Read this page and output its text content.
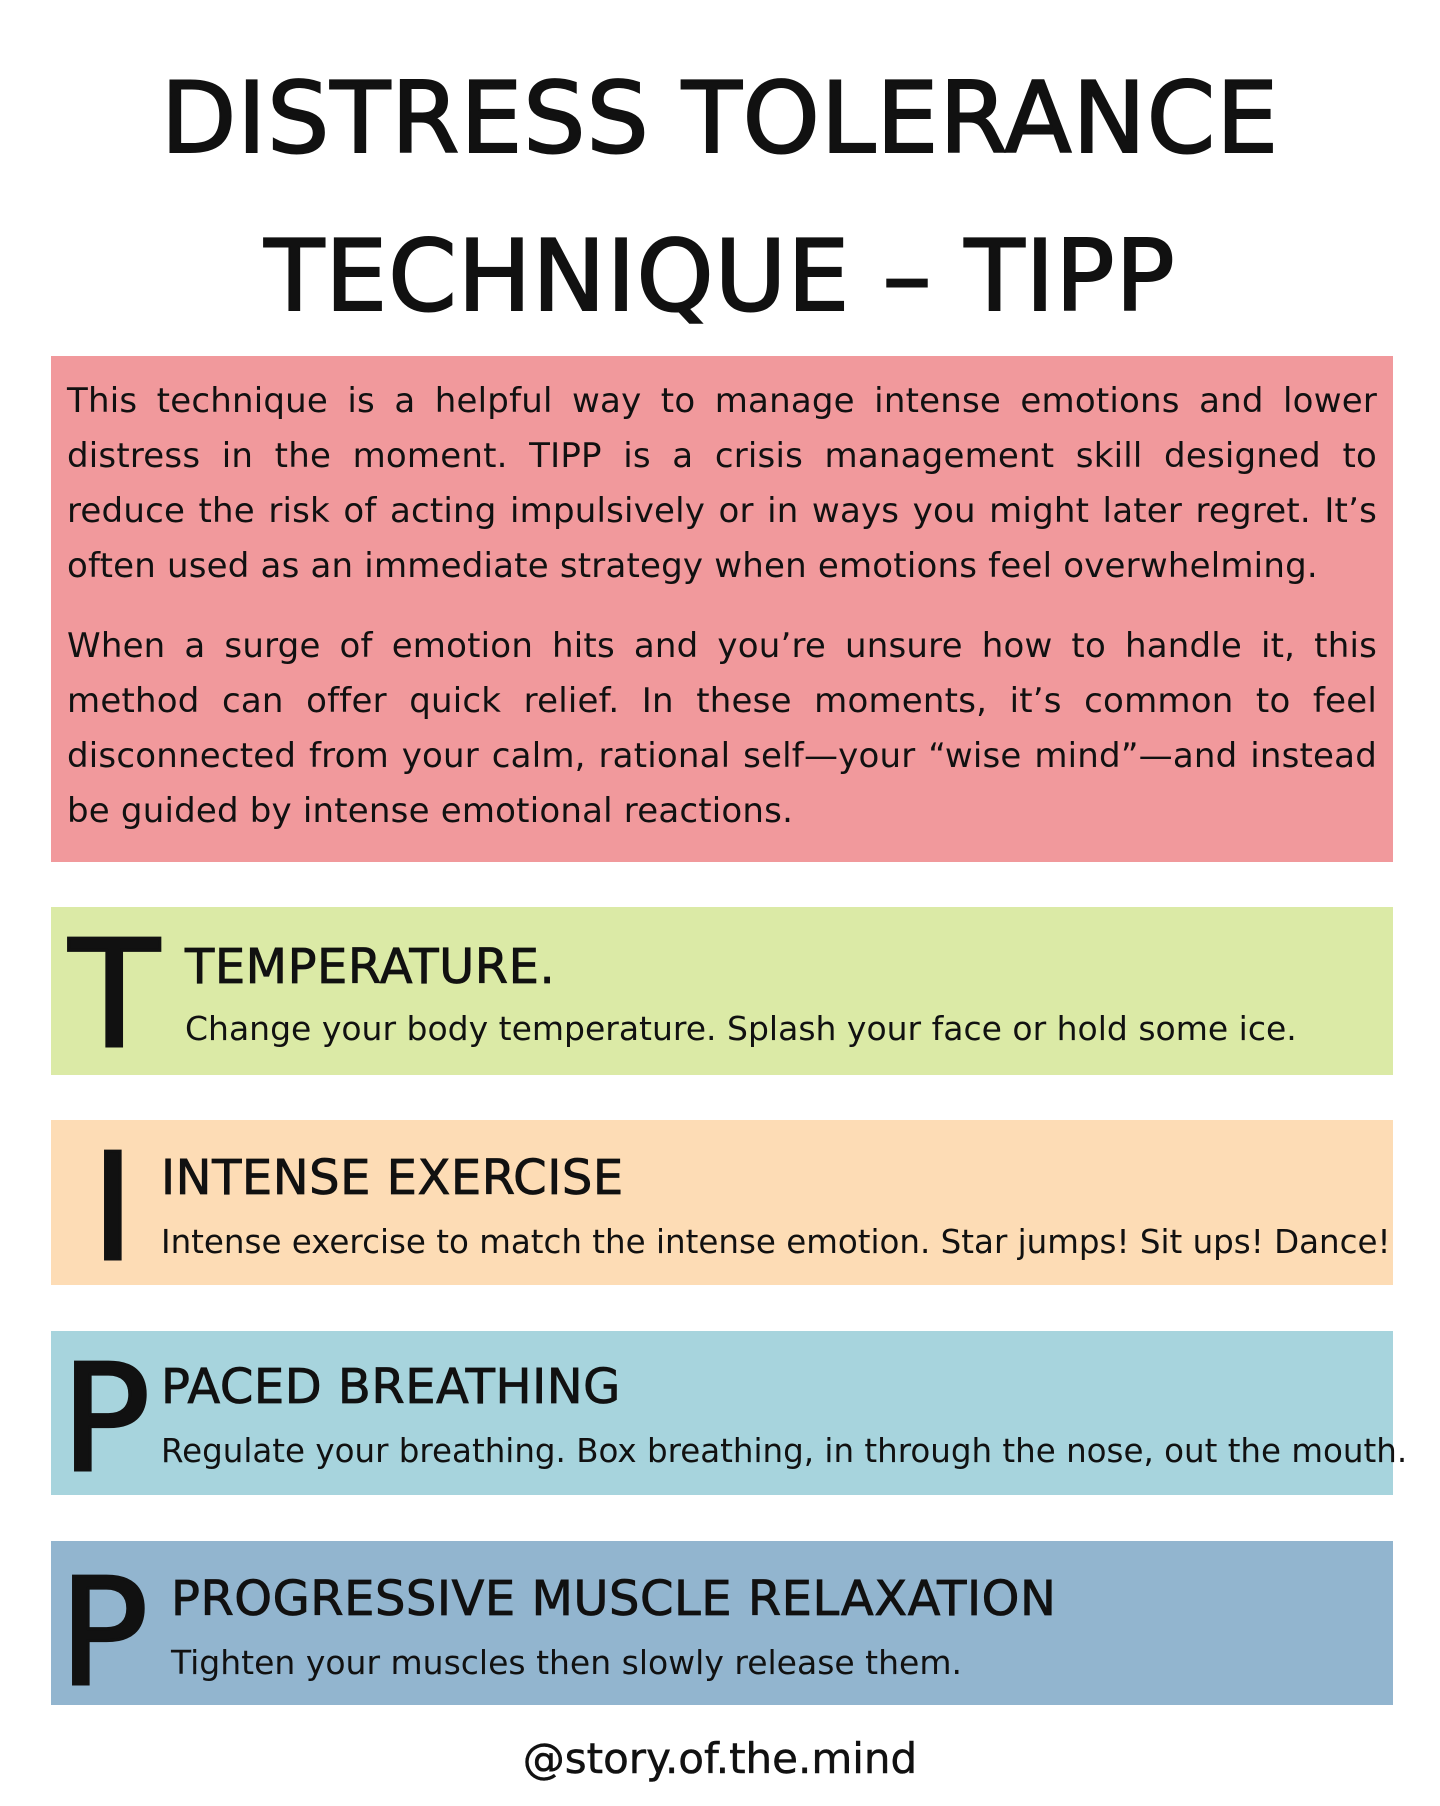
DISTRESS TOLERANCE
TECHNIQUE – TIPP

This technique is a helpful way to manage intense emotions and lower distress in the moment. TIPP is a crisis management skill designed to reduce the risk of acting impulsively or in ways you might later regret. It’s often used as an immediate strategy when emotions feel overwhelming.

When a surge of emotion hits and you’re unsure how to handle it, this method can offer quick relief. In these moments, it’s common to feel disconnected from your calm, rational self—your “wise mind”—and instead be guided by intense emotional reactions.

T TEMPERATURE.
Change your body temperature. Splash your face or hold some ice.
I INTENSE EXERCISE
Intense exercise to match the intense emotion. Star jumps! Sit ups! Dance!
P PACED BREATHING
Regulate your breathing. Box breathing, in through the nose, out the mouth.
P PROGRESSIVE MUSCLE RELAXATION
Tighten your muscles then slowly release them.
@story.of.the.mind
